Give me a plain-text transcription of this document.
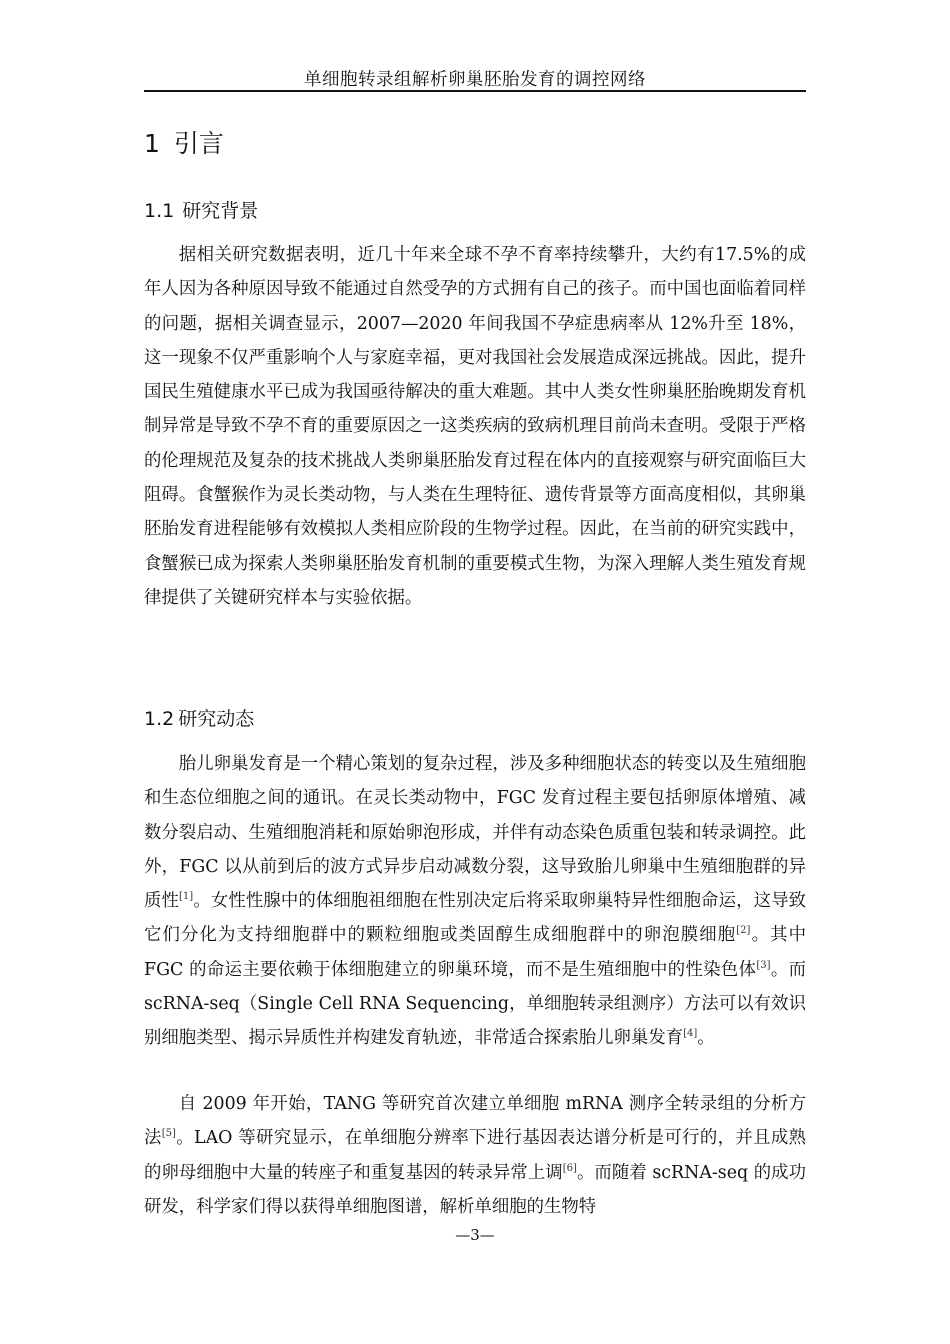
单细胞转录组解析卵巢胚胎发育的调控网络
1 引言
1.1 研究背景

据相关研究数据表明，近几十年来全球不孕不育率持续攀升，大约有17.5%的成年人因为各种原因导致不能通过自然受孕的方式拥有自己的孩子。而中国也面临着同样的问题，据相关调查显示，2007—2020 年间我国不孕症患病率从 12%升至 18%，这一现象不仅严重影响个人与家庭幸福，更对我国社会发展造成深远挑战。因此，提升国民生殖健康水平已成为我国亟待解决的重大难题。其中人类女性卵巢胚胎晚期发育机制异常是导致不孕不育的重要原因之一这类疾病的致病机理目前尚未查明。受限于严格的伦理规范及复杂的技术挑战人类卵巢胚胎发育过程在体内的直接观察与研究面临巨大阻碍。食蟹猴作为灵长类动物，与人类在生理特征、遗传背景等方面高度相似，其卵巢胚胎发育进程能够有效模拟人类相应阶段的生物学过程。因此，在当前的研究实践中，食蟹猴已成为探索人类卵巢胚胎发育机制的重要模式生物，为深入理解人类生殖发育规律提供了关键研究样本与实验依据。

1.2 研究动态

胎儿卵巢发育是一个精心策划的复杂过程，涉及多种细胞状态的转变以及生殖细胞和生态位细胞之间的通讯。在灵长类动物中，FGC 发育过程主要包括卵原体增殖、减数分裂启动、生殖细胞消耗和原始卵泡形成，并伴有动态染色质重包装和转录调控。此外，FGC 以从前到后的波方式异步启动减数分裂，这导致胎儿卵巢中生殖细胞群的异质性[1]。女性性腺中的体细胞祖细胞在性别决定后将采取卵巢特异性细胞命运，这导致它们分化为支持细胞群中的颗粒细胞或类固醇生成细胞群中的卵泡膜细胞[2]。其中 FGC 的命运主要依赖于体细胞建立的卵巢环境，而不是生殖细胞中的性染色体[3]。而 scRNA-seq（Single Cell RNA Sequencing，单细胞转录组测序）方法可以有效识别细胞类型、揭示异质性并构建发育轨迹，非常适合探索胎儿卵巢发育[4]。

自 2009 年开始，TANG 等研究首次建立单细胞 mRNA 测序全转录组的分析方法[5]。LAO 等研究显示，在单细胞分辨率下进行基因表达谱分析是可行的，并且成熟的卵母细胞中大量的转座子和重复基因的转录异常上调[6]。而随着 scRNA-seq 的成功研发，科学家们得以获得单细胞图谱，解析单细胞的生物特

—3—
